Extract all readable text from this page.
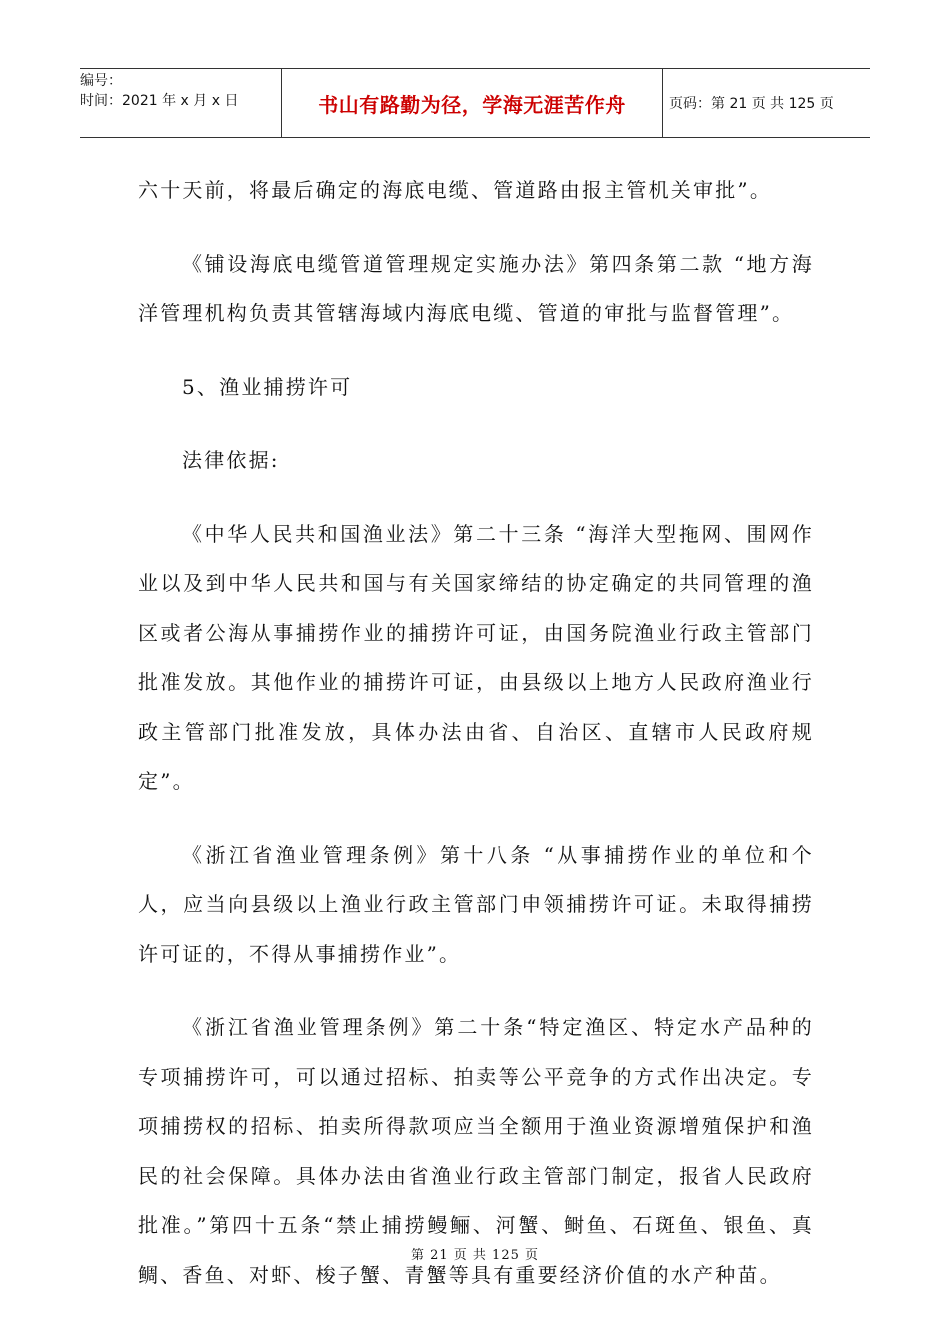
编号：
时间：2021 年 x 月 x 日	书山有路勤为径，学海无涯苦作舟	页码：第 21 页 共 125 页

六十天前，将最后确定的海底电缆、管道路由报主管机关审批”。

《铺设海底电缆管道管理规定实施办法》第四条第二款 “地方海洋管理机构负责其管辖海域内海底电缆、管道的审批与监督管理”。

5、渔业捕捞许可

法律依据:

《中华人民共和国渔业法》第二十三条 “海洋大型拖网、围网作业以及到中华人民共和国与有关国家缔结的协定确定的共同管理的渔区或者公海从事捕捞作业的捕捞许可证，由国务院渔业行政主管部门批准发放。其他作业的捕捞许可证，由县级以上地方人民政府渔业行政主管部门批准发放，具体办法由省、自治区、直辖市人民政府规定”。

《浙江省渔业管理条例》第十八条 “从事捕捞作业的单位和个人，应当向县级以上渔业行政主管部门申领捕捞许可证。未取得捕捞许可证的，不得从事捕捞作业”。

《浙江省渔业管理条例》第二十条“特定渔区、特定水产品种的专项捕捞许可，可以通过招标、拍卖等公平竞争的方式作出决定。专项捕捞权的招标、拍卖所得款项应当全额用于渔业资源增殖保护和渔民的社会保障。具体办法由省渔业行政主管部门制定，报省人民政府批准。”第四十五条“禁止捕捞鳗鲡、河蟹、鲥鱼、石斑鱼、银鱼、真鲷、香鱼、对虾、梭子蟹、青蟹等具有重要经济价值的水产种苗。

第 21 页 共 125 页
